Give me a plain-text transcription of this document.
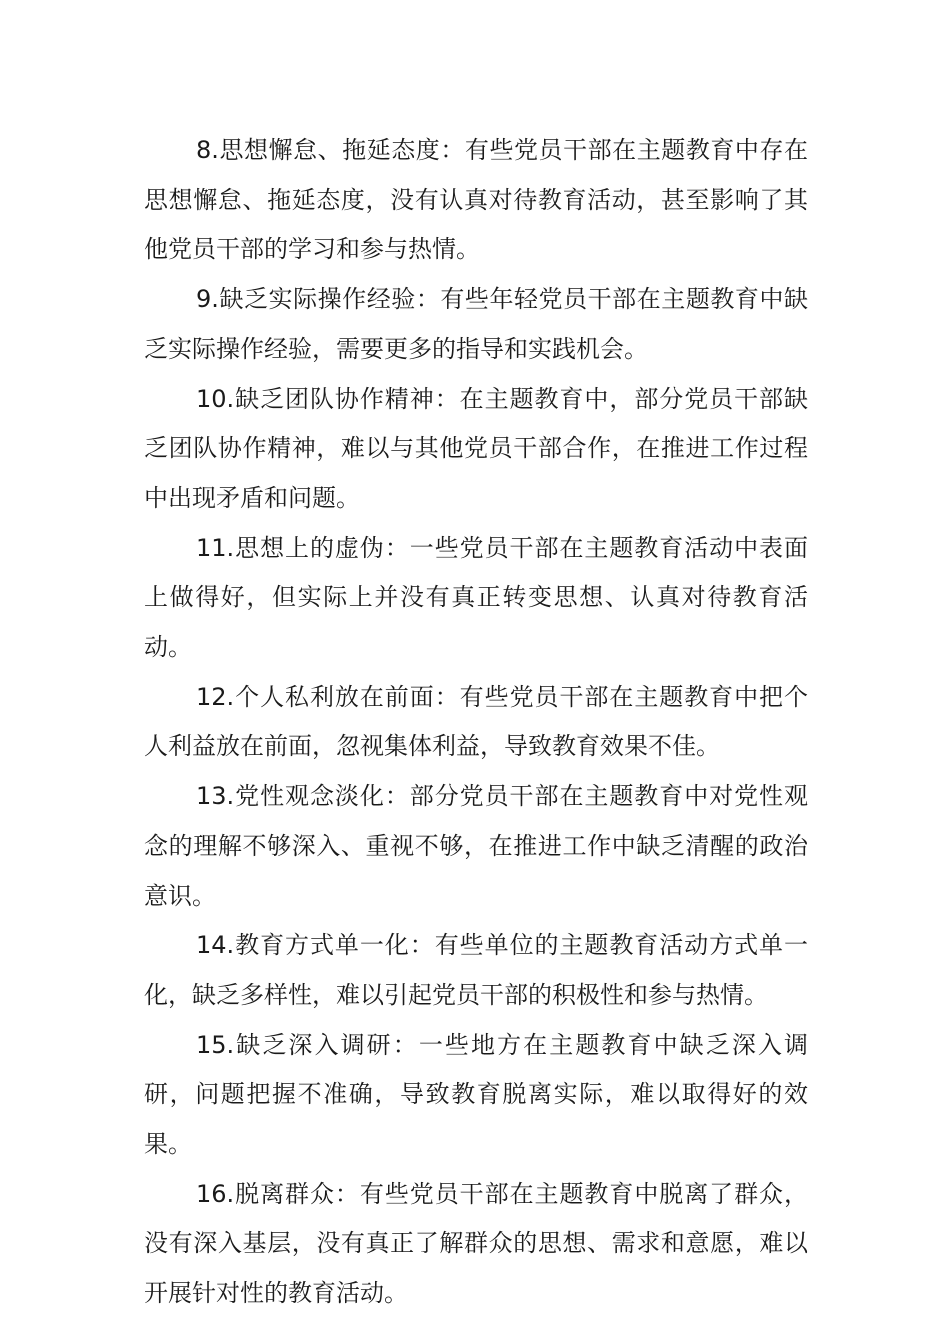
8.思想懈怠、拖延态度：有些党员干部在主题教育中存在思想懈怠、拖延态度，没有认真对待教育活动，甚至影响了其他党员干部的学习和参与热情。

9.缺乏实际操作经验：有些年轻党员干部在主题教育中缺乏实际操作经验，需要更多的指导和实践机会。

10.缺乏团队协作精神：在主题教育中，部分党员干部缺乏团队协作精神，难以与其他党员干部合作，在推进工作过程中出现矛盾和问题。

11.思想上的虚伪：一些党员干部在主题教育活动中表面上做得好，但实际上并没有真正转变思想、认真对待教育活动。

12.个人私利放在前面：有些党员干部在主题教育中把个人利益放在前面，忽视集体利益，导致教育效果不佳。

13.党性观念淡化：部分党员干部在主题教育中对党性观念的理解不够深入、重视不够，在推进工作中缺乏清醒的政治意识。

14.教育方式单一化：有些单位的主题教育活动方式单一化，缺乏多样性，难以引起党员干部的积极性和参与热情。

15.缺乏深入调研：一些地方在主题教育中缺乏深入调研，问题把握不准确，导致教育脱离实际，难以取得好的效果。

16.脱离群众：有些党员干部在主题教育中脱离了群众，没有深入基层，没有真正了解群众的思想、需求和意愿，难以开展针对性的教育活动。
